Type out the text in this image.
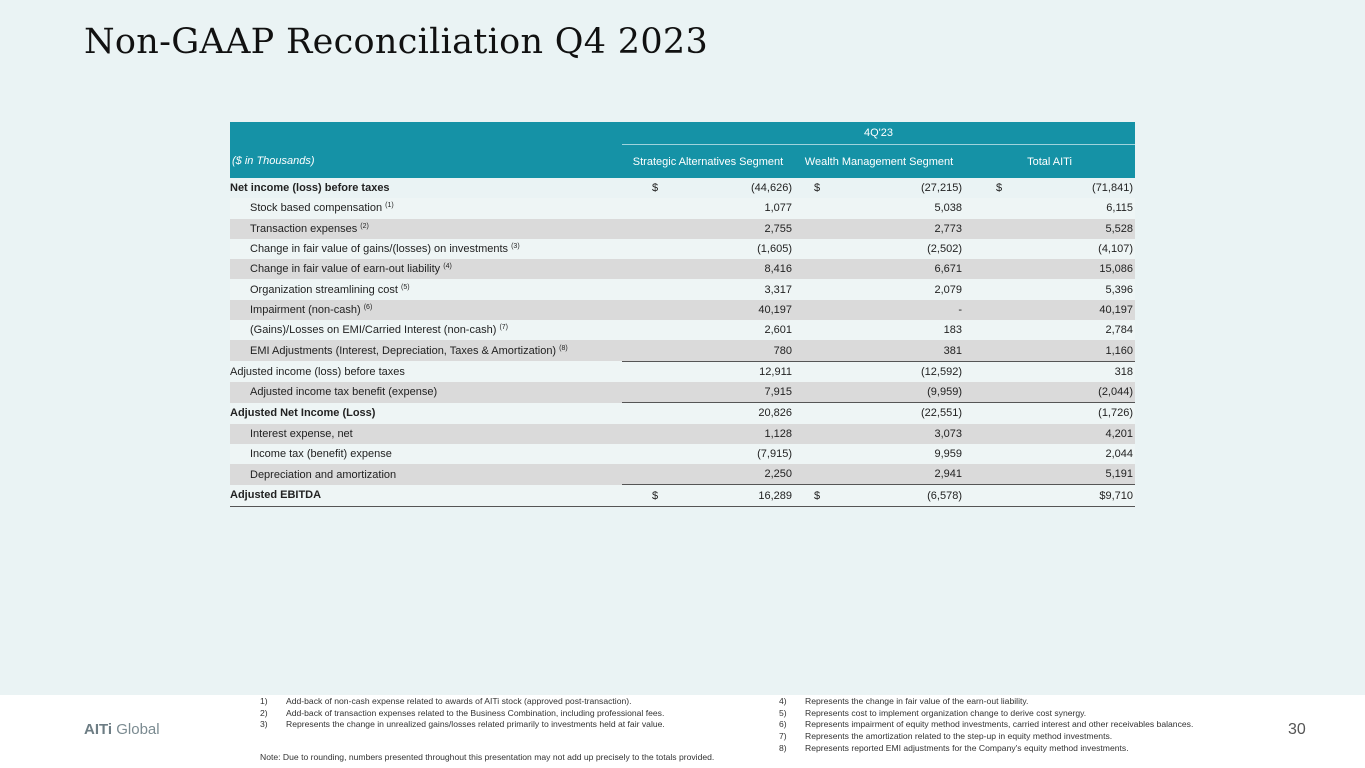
Non-GAAP Reconciliation Q4 2023
	4Q'23					
($ in Thousands)	Strategic Alternatives Segment		Wealth Management Segment		Total AITi	
Net income (loss) before taxes	$	(44,626)	$	(27,215)	$	(71,841)
Stock based compensation $^{(1)}$		1,077		5,038		6,115
Transaction expenses $^{(2)}$		2,755		2,773		5,528
Change in fair value of gains/(losses) on investments $^{(3)}$		(1,605)		(2,502)		(4,107)
Change in fair value of earn-out liability $^{(4)}$		8,416		6,671		15,086
Organization streamlining cost $^{(5)}$		3,317		2,079		5,396
Impairment (non-cash) $^{(6)}$		40,197		-		40,197
(Gains)/Losses on EMI/Carried Interest (non-cash) $^{(7)}$		2,601		183		2,784
EMI Adjustments (Interest, Depreciation, Taxes & Amortization) $^{(8)}$		780		381		1,160
Adjusted income (loss) before taxes		12,911		(12,592)		318
Adjusted income tax benefit (expense)		7,915		(9,959)		(2,044)
Adjusted Net Income (Loss)		20,826		(22,551)		(1,726)
Interest expense, net		1,128		3,073		4,201
Income tax (benefit) expense		(7,915)		9,959		2,044
Depreciation and amortization		2,250		2,941		5,191
Adjusted EBITDA	$	16,289	$	(6,578)		$9,710
AITi Global
1)	Add-back of non-cash expense related to awards of AITi stock (approved post-transaction).
2)	Add-back of transaction expenses related to the Business Combination, including professional fees.
3)	Represents the change in unrealized gains/losses related primarily to investments held at fair value.
4)	Represents the change in fair value of the earn-out liability.
5)	Represents cost to implement organization change to derive cost synergy.
6)	Represents impairment of equity method investments, carried interest and other receivables balances.
7)	Represents the amortization related to the step-up in equity method investments.
8)	Represents reported EMI adjustments for the Company's equity method investments.
Note: Due to rounding, numbers presented throughout this presentation may not add up precisely to the totals provided.
30
